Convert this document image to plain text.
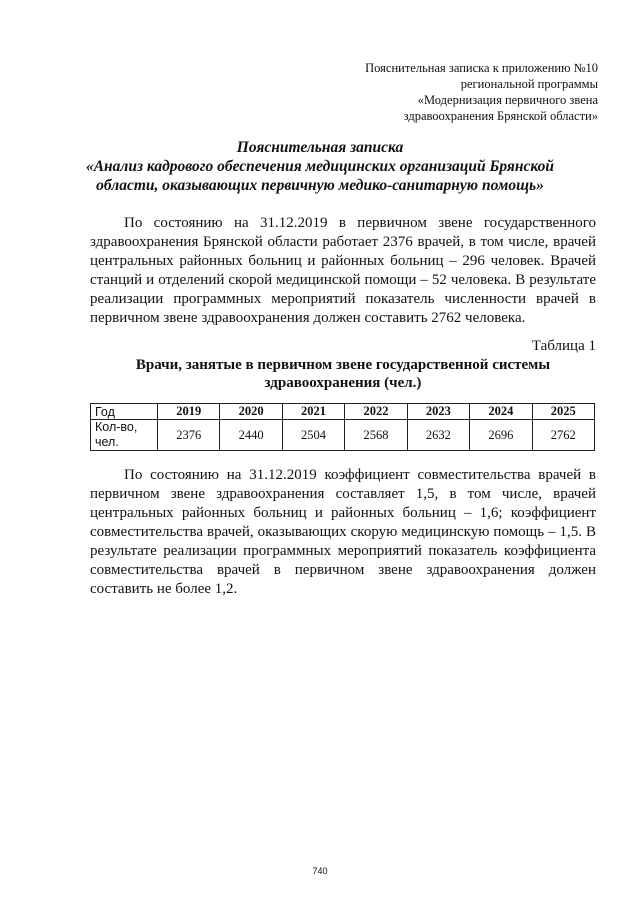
Пояснительная записка к приложению №10
региональной программы
«Модернизация первичного звена
здравоохранения Брянской области»
Пояснительная записка
«Анализ кадрового обеспечения медицинских организаций Брянской
области, оказывающих первичную медико-санитарную помощь»

По состоянию на 31.12.2019 в первичном звене государственного здравоохранения Брянской области работает 2376 врачей, в том числе, врачей центральных районных больниц и районных больниц – 296 человек. Врачей станций и отделений скорой медицинской помощи – 52 человека. В результате реализации программных мероприятий показатель численности врачей в первичном звене здравоохранения должен составить 2762 человека.

Таблица 1
Врачи, занятые в первичном звене государственной системы
здравоохранения (чел.)
Год	2019	2020	2021	2022	2023	2024	2025
Кол-во, чел.	2376	2440	2504	2568	2632	2696	2762

По состоянию на 31.12.2019 коэффициент совместительства врачей в первичном звене здравоохранения составляет 1,5, в том числе, врачей центральных районных больниц и районных больниц – 1,6; коэффициент совместительства врачей, оказывающих скорую медицинскую помощь – 1,5. В результате реализации программных мероприятий показатель коэффициента совместительства врачей в первичном звене здравоохранения должен составить не более 1,2.

740
